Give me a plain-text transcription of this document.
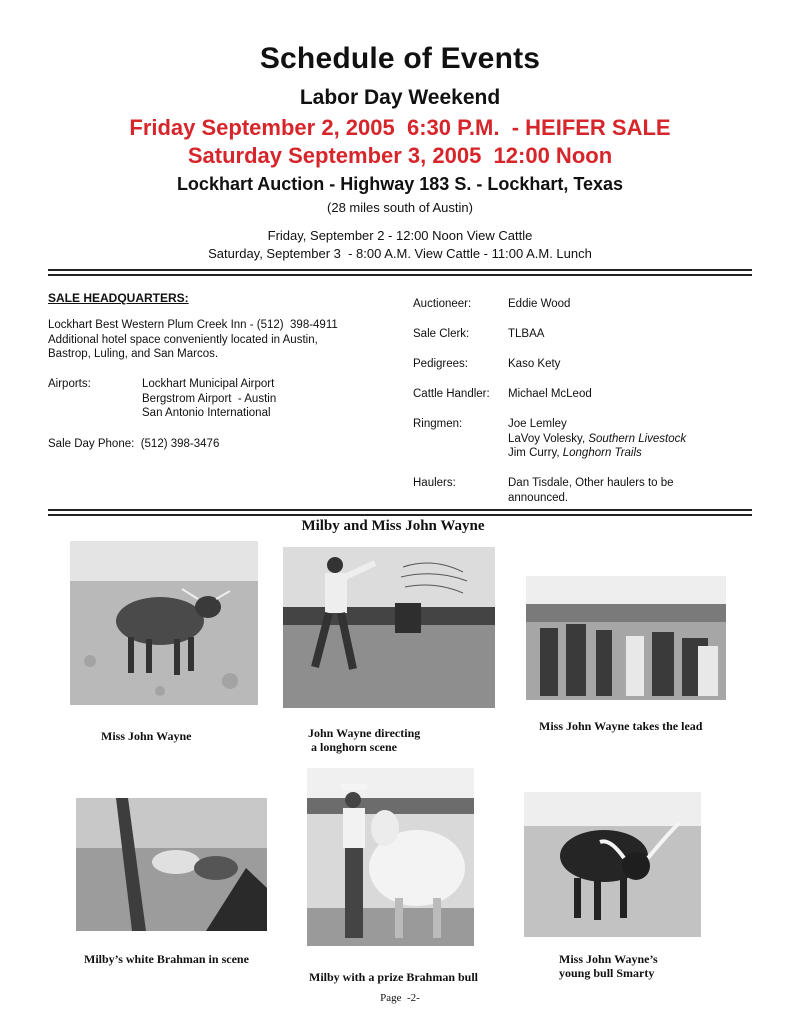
Schedule of Events
Labor Day Weekend
Friday September 2, 2005  6:30 P.M.  - HEIFER SALE
Saturday September 3, 2005  12:00 Noon
Lockhart Auction - Highway 183 S. - Lockhart, Texas
(28 miles south of Austin)
Friday, September 2 - 12:00 Noon View Cattle
Saturday, September 3  - 8:00 A.M. View Cattle - 11:00 A.M. Lunch
SALE HEADQUARTERS:
Lockhart Best Western Plum Creek Inn - (512)  398-4911
Additional hotel space conveniently located in Austin,
Bastrop, Luling, and San Marcos.
Airports:	Lockhart Municipal Airport
Bergstrom Airport  - Austin
San Antonio International
Sale Day Phone:  (512) 398-3476
Auctioneer:	Eddie Wood
Sale Clerk:	TLBAA
Pedigrees:	Kaso Kety
Cattle Handler: Michael McLeod
Ringmen:	Joe Lemley
LaVoy Volesky, Southern Livestock
Jim Curry, Longhorn Trails
Haulers:	Dan Tisdale, Other haulers to be
announced.
Milby and Miss John Wayne
Miss John Wayne	John Wayne directing
a longhorn scene
Miss John Wayne takes the lead
Milby’s white Brahman in scene
Milby with a prize Brahman bull
Miss John Wayne’s
young bull Smarty
Page  -2-
